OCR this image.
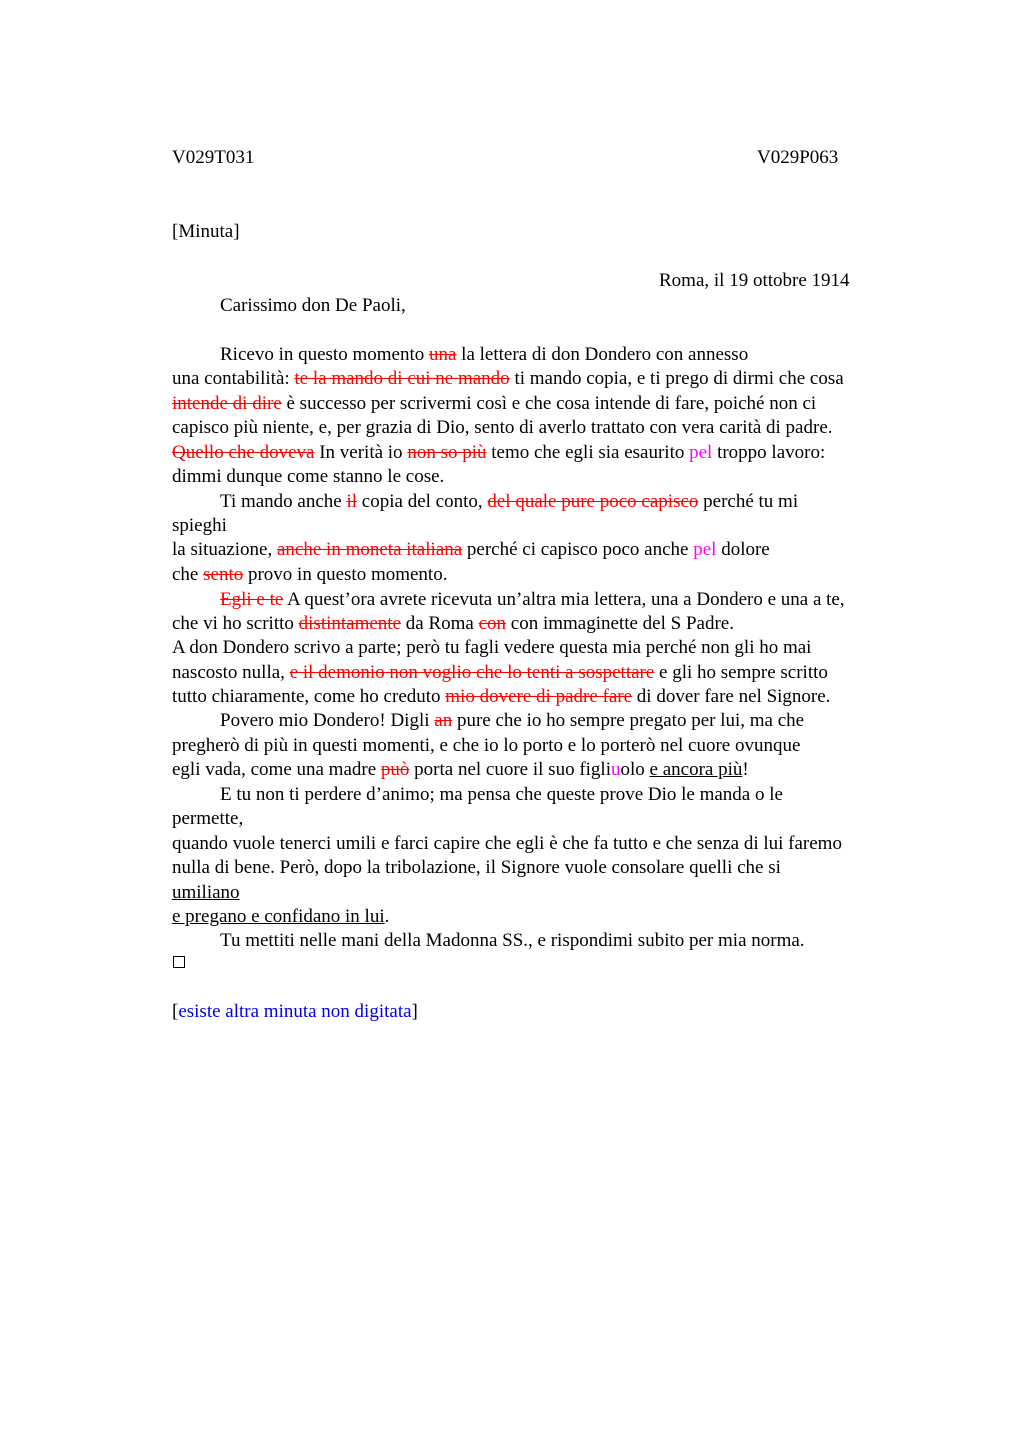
V029T031	V029P063
[Minuta]
Roma, il 19 ottobre 1914
Carissimo don De Paoli,
Ricevo in questo momento una la lettera di don Dondero con annesso
una contabilità: te la mando di cui ne mando ti mando copia, e ti prego di dirmi che cosa
intende di dire è successo per scrivermi così e che cosa intende di fare, poiché non ci
capisco più niente, e, per grazia di Dio, sento di averlo trattato con vera carità di padre.
Quello che doveva In verità io non so più temo che egli sia esaurito pel troppo lavoro:
dimmi dunque come stanno le cose.
Ti mando anche il copia del conto, del quale pure poco capisco perché tu mi
spieghi
la situazione, anche in moneta italiana perché ci capisco poco anche pel dolore
che sento provo in questo momento.
Egli e te A quest’ora avrete ricevuta un’altra mia lettera, una a Dondero e una a te,
che vi ho scritto distintamente da Roma con con immaginette del S Padre.
A don Dondero scrivo a parte; però tu fagli vedere questa mia perché non gli ho mai
nascosto nulla, e il demonio non voglio che lo tenti a sospettare e gli ho sempre scritto
tutto chiaramente, come ho creduto mio dovere di padre fare di dover fare nel Signore.
Povero mio Dondero! Digli an pure che io ho sempre pregato per lui, ma che
pregherò di più in questi momenti, e che io lo porto e lo porterò nel cuore ovunque
egli vada, come una madre può porta nel cuore il suo figliuolo e ancora più!
E tu non ti perdere d’animo; ma pensa che queste prove Dio le manda o le
permette,
quando vuole tenerci umili e farci capire che egli è che fa tutto e che senza di lui faremo
nulla di bene. Però, dopo la tribolazione, il Signore vuole consolare quelli che si
umiliano
e pregano e confidano in lui.
Tu mettiti nelle mani della Madonna SS., e rispondimi subito per mia norma.
[esiste altra minuta non digitata]
